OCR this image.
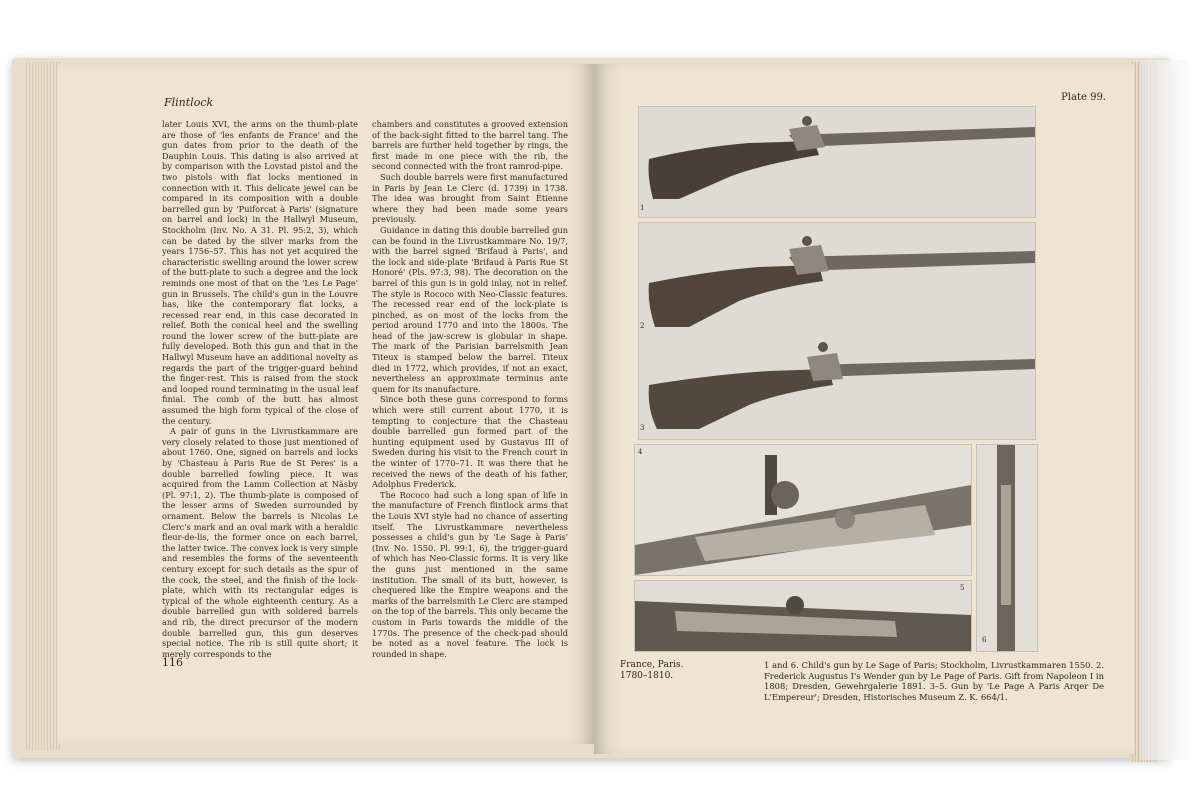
Flintlock

later Louis XVI, the arms on the thumb-plate are those of 'les enfants de France' and the gun dates from prior to the death of the Dauphin Louis. This dating is also arrived at by comparison with the Lovstad pistol and the two pistols with flat locks mentioned in connection with it. This delicate jewel can be compared in its composition with a double barrelled gun by 'Puiforcat à Paris' (signature on barrel and lock) in the Hallwyl Museum, Stockholm (Inv. No. A 31. Pl. 95:2, 3), which can be dated by the silver marks from the years 1756–57. This has not yet acquired the characteristic swelling around the lower screw of the butt-plate to such a degree and the lock reminds one most of that on the 'Les Le Page' gun in Brussels. The child's gun in the Louvre has, like the contemporary flat locks, a recessed rear end, in this case decorated in relief. Both the conical heel and the swelling round the lower screw of the butt-plate are fully developed. Both this gun and that in the Hallwyl Museum have an additional novelty as regards the part of the trigger-guard behind the finger-rest. This is raised from the stock and looped round terminating in the usual leaf finial. The comb of the butt has almost assumed the high form typical of the close of the century.

A pair of guns in the Livrustkammare are very closely related to those just mentioned of about 1760. One, signed on barrels and locks by 'Chasteau à Paris Rue de St Peres' is a double barrelled fowling piece. It was acquired from the Lamm Collection at Näsby (Pl. 97:1, 2). The thumb-plate is composed of the lesser arms of Sweden surrounded by ornament. Below the barrels is Nicolas Le Clerc's mark and an oval mark with a heraldic fleur-de-lis, the former once on each barrel, the latter twice. The convex lock is very simple and resembles the forms of the seventeenth century except for such details as the spur of the cock, the steel, and the finish of the lock-plate, which with its rectangular edges is typical of the whole eighteenth century. As a double barrelled gun with soldered barrels and rib, the direct precursor of the modern double barrelled gun, this gun deserves special notice. The rib is still quite short; it merely corresponds to the

chambers and constitutes a grooved extension of the back-sight fitted to the barrel tang. The barrels are further held together by rings, the first made in one piece with the rib, the second connected with the front ramrod-pipe.

Such double barrels were first manufactured in Paris by Jean Le Clerc (d. 1739) in 1738. The idea was brought from Saint Étienne where they had been made some years previously.

Guidance in dating this double barrelled gun can be found in the Livrustkammare No. 19/7, with the barrel signed 'Brifaud à Paris', and the lock and side-plate 'Brifaud à Paris Rue St Honoré' (Pls. 97:3, 98). The decoration on the barrel of this gun is in gold inlay, not in relief. The style is Rococo with Neo-Classic features. The recessed rear end of the lock-plate is pinched, as on most of the locks from the period around 1770 and into the 1800s. The head of the jaw-screw is globular in shape. The mark of the Parisian barrelsmith Jean Titeux is stamped below the barrel. Titeux died in 1772, which provides, if not an exact, nevertheless an approximate terminus ante quem for its manufacture.

Since both these guns correspond to forms which were still current about 1770, it is tempting to conjecture that the Chasteau double barrelled gun formed part of the hunting equipment used by Gustavus III of Sweden during his visit to the French court in the winter of 1770–71. It was there that he received the news of the death of his father, Adolphus Frederick.

The Rococo had such a long span of life in the manufacture of French flintlock arms that the Louis XVI style had no chance of asserting itself. The Livrustkammare nevertheless possesses a child's gun by 'Le Sage à Paris' (Inv. No. 1550. Pl. 99:1, 6), the trigger-guard of which has Neo-Classic forms. It is very like the guns just mentioned in the same institution. The small of its butt, however, is chequered like the Empire weapons and the marks of the barrelsmith Le Clerc are stamped on the top of the barrels. This only became the custom in Paris towards the middle of the 1770s. The presence of the check-pad should be noted as a novel feature. The lock is rounded in shape.

116
Plate 99.
1
2
3
4
5
6
France, Paris.
1780–1810.
1 and 6. Child's gun by Le Sage of Paris; Stockholm, Livrustkammaren 1550. 2. Frederick Augustus I's Wender gun by Le Page of Paris. Gift from Napoleon I in 1808; Dresden, Gewehrgalerie 1891. 3–5. Gun by 'Le Page A Paris Arqer De L'Empereur'; Dresden, Historisches Museum Z. K. 664/1.
